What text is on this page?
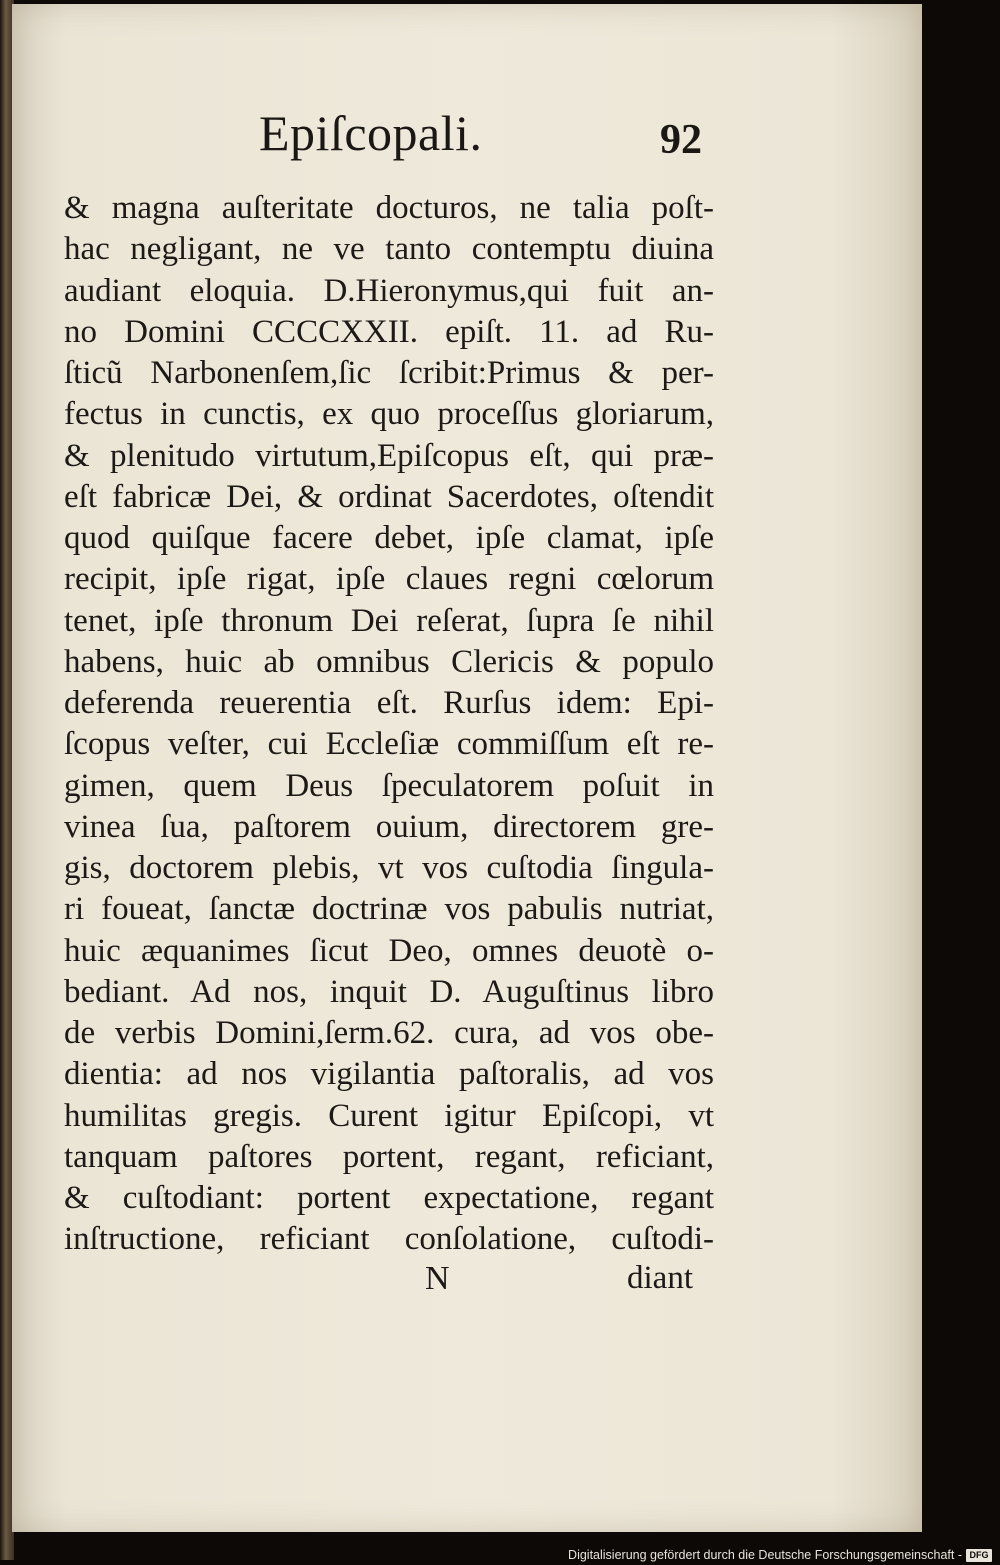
Epiſcopali.	92
& magna auſteritate docturos, ne talia poſt-
hac negligant, ne ve tanto contemptu diuina
audiant eloquia. D.Hieronymus,qui fuit an-
no Domini CCCCXXII. epiſt. 11. ad Ru-
ſticũ Narbonenſem,ſic ſcribit:Primus & per-
fectus in cunctis, ex quo proceſſus gloriarum,
& plenitudo virtutum,Epiſcopus eſt, qui præ-
eſt fabricæ Dei, & ordinat Sacerdotes, oſtendit
quod quiſque facere debet, ipſe clamat, ipſe
recipit, ipſe rigat, ipſe claues regni cœlorum
tenet, ipſe thronum Dei reſerat, ſupra ſe nihil
habens, huic ab omnibus Clericis & populo
deferenda reuerentia eſt. Rurſus idem: Epi-
ſcopus veſter, cui Eccleſiæ commiſſum eſt re-
gimen, quem Deus ſpeculatorem poſuit in
vinea ſua, paſtorem ouium, directorem gre-
gis, doctorem plebis, vt vos cuſtodia ſingula-
ri foueat, ſanctæ doctrinæ vos pabulis nutriat,
huic æquanimes ſicut Deo, omnes deuotè o-
bediant. Ad nos, inquit D. Auguſtinus libro
de verbis Domini,ſerm.62. cura, ad vos obe-
dientia: ad nos vigilantia paſtoralis, ad vos
humilitas gregis. Curent igitur Epiſcopi, vt
tanquam paſtores portent, regant, reficiant,
& cuſtodiant: portent expectatione, regant
inſtructione, reficiant conſolatione, cuſtodi-
N	diant
Digitalisierung gefördert durch die Deutsche Forschungsgemeinschaft - DFG
